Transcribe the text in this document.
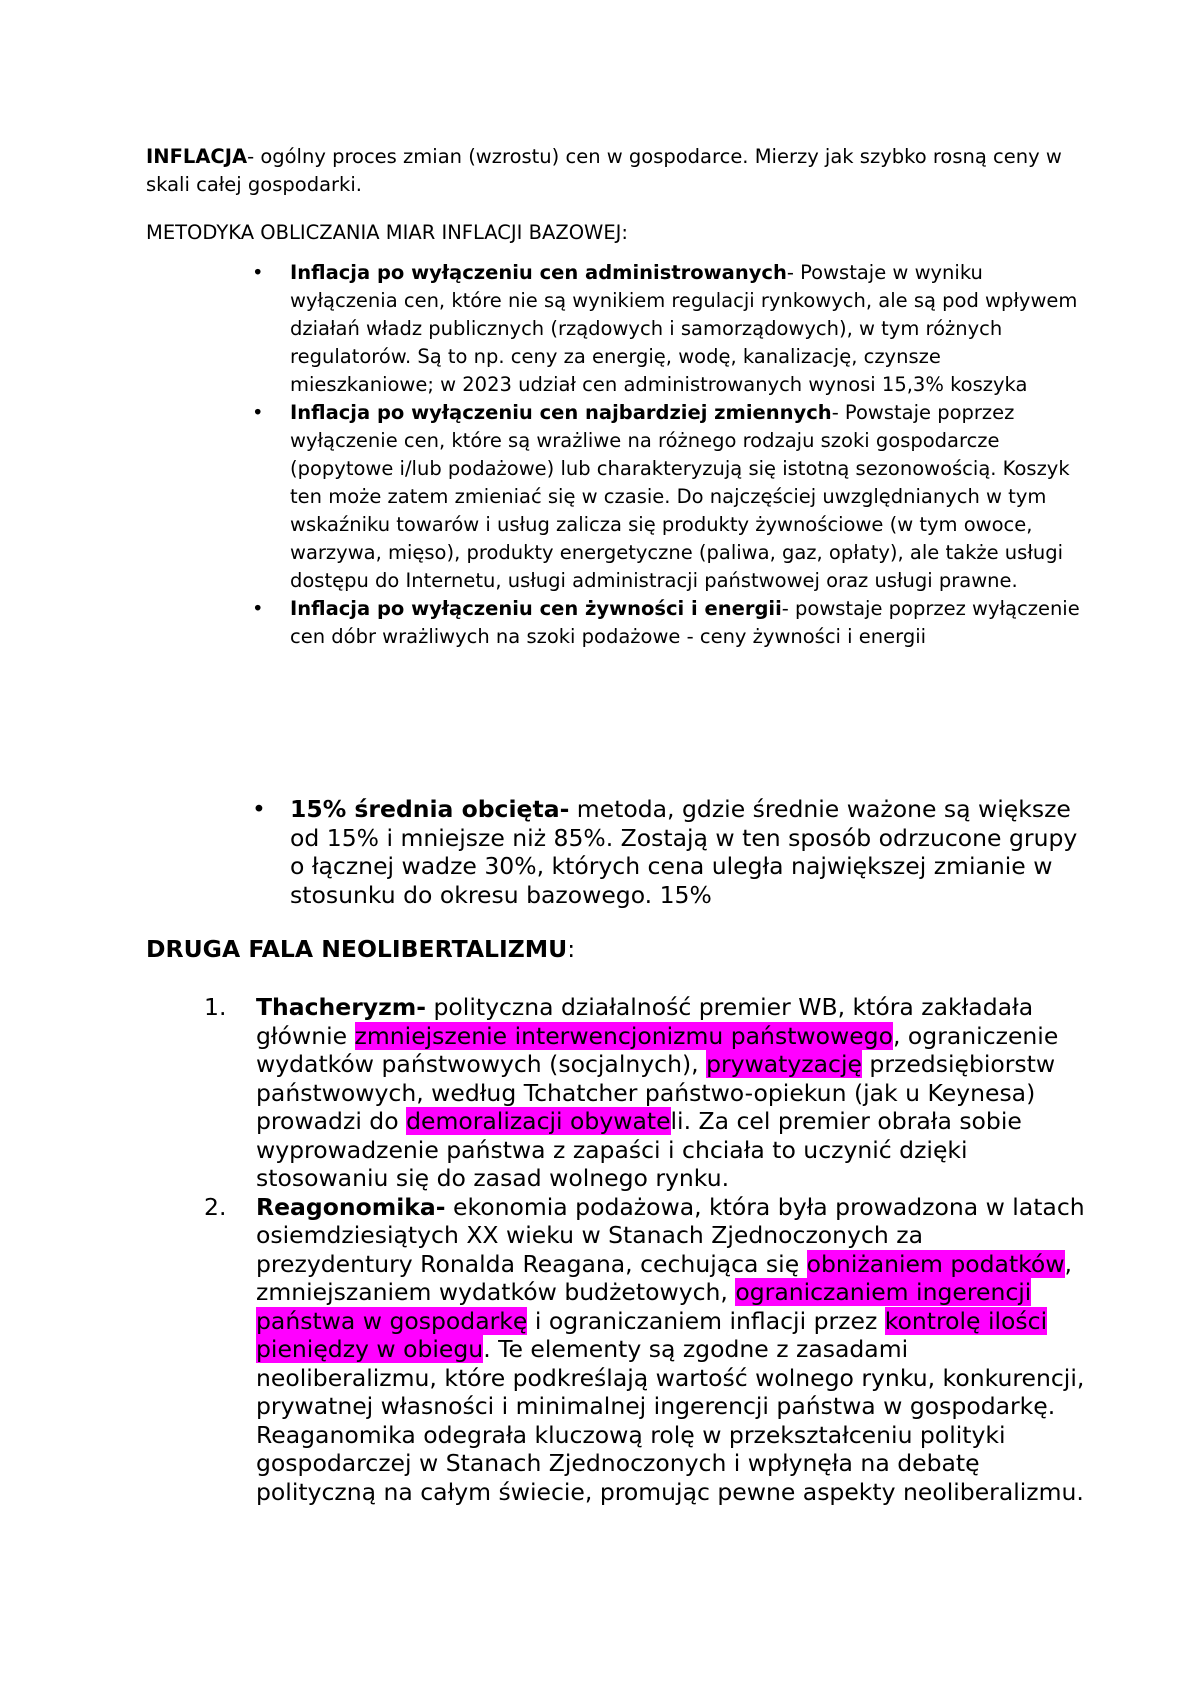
INFLACJA- ogólny proces zmian (wzrostu) cen w gospodarce. Mierzy jak szybko rosną ceny w skali całej gospodarki.

METODYKA OBLICZANIA MIAR INFLACJI BAZOWEJ:

• Inflacja po wyłączeniu cen administrowanych- Powstaje w wyniku wyłączenia cen, które nie są wynikiem regulacji rynkowych, ale są pod wpływem działań władz publicznych (rządowych i samorządowych), w tym różnych regulatorów. Są to np. ceny za energię, wodę, kanalizację, czynsze mieszkaniowe; w 2023 udział cen administrowanych wynosi 15,3% koszyka
• Inflacja po wyłączeniu cen najbardziej zmiennych- Powstaje poprzez wyłączenie cen, które są wrażliwe na różnego rodzaju szoki gospodarcze (popytowe i/lub podażowe) lub charakteryzują się istotną sezonowością. Koszyk ten może zatem zmieniać się w czasie. Do najczęściej uwzględnianych w tym wskaźniku towarów i usług zalicza się produkty żywnościowe (w tym owoce, warzywa, mięso), produkty energetyczne (paliwa, gaz, opłaty), ale także usługi dostępu do Internetu, usługi administracji państwowej oraz usługi prawne.
• Inflacja po wyłączeniu cen żywności i energii- powstaje poprzez wyłączenie cen dóbr wrażliwych na szoki podażowe - ceny żywności i energii
• 15% średnia obcięta- metoda, gdzie średnie ważone są większe od 15% i mniejsze niż 85%. Zostają w ten sposób odrzucone grupy o łącznej wadze 30%, których cena uległa największej zmianie w stosunku do okresu bazowego. 15%

DRUGA FALA NEOLIBERTALIZMU:

1. Thacheryzm- polityczna działalność premier WB, która zakładała głównie zmniejszenie interwencjonizmu państwowego, ograniczenie wydatków państwowych (socjalnych), prywatyzację przedsiębiorstw państwowych, według Tchatcher państwo-opiekun (jak u Keynesa) prowadzi do demoralizacji obywateli. Za cel premier obrała sobie wyprowadzenie państwa z zapaści i chciała to uczynić dzięki stosowaniu się do zasad wolnego rynku.
2. Reagonomika- ekonomia podażowa, która była prowadzona w latach osiemdziesiątych XX wieku w Stanach Zjednoczonych za prezydentury Ronalda Reagana, cechująca się obniżaniem podatków, zmniejszaniem wydatków budżetowych, ograniczaniem ingerencji państwa w gospodarkę i ograniczaniem inflacji przez kontrolę ilości pieniędzy w obiegu. Te elementy są zgodne z zasadami neoliberalizmu, które podkreślają wartość wolnego rynku, konkurencji, prywatnej własności i minimalnej ingerencji państwa w gospodarkę. Reaganomika odegrała kluczową rolę w przekształceniu polityki gospodarczej w Stanach Zjednoczonych i wpłynęła na debatę polityczną na całym świecie, promując pewne aspekty neoliberalizmu.
